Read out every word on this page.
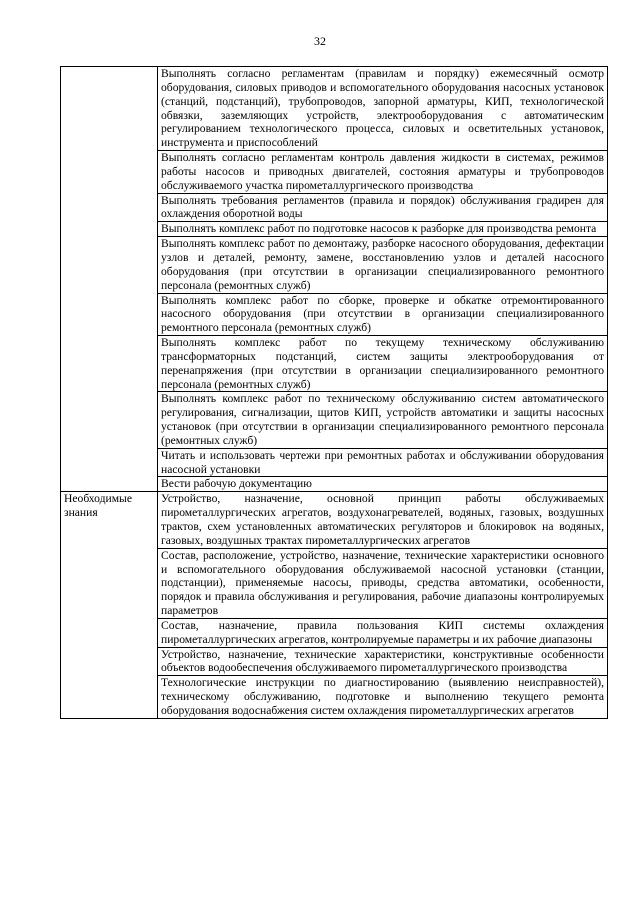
32
	Выполнять согласно регламентам (правилам и порядку) ежемесячный осмотр оборудования, силовых приводов и вспомогательного оборудования насосных установок (станций, подстанций), трубопроводов, запорной арматуры, КИП, технологической обвязки, заземляющих устройств, электрооборудования с автоматическим регулированием технологического процесса, силовых и осветительных установок, инструмента и приспособлений
	Выполнять согласно регламентам контроль давления жидкости в системах, режимов работы насосов и приводных двигателей, состояния арматуры и трубопроводов обслуживаемого участка пирометаллургического производства
	Выполнять требования регламентов (правила и порядок) обслуживания градирен для охлаждения оборотной воды
	Выполнять комплекс работ по подготовке насосов к разборке для производства ремонта
	Выполнять комплекс работ по демонтажу, разборке насосного оборудования, дефектации узлов и деталей, ремонту, замене, восстановлению узлов и деталей насосного оборудования (при отсутствии в организации специализированного ремонтного персонала (ремонтных служб)
	Выполнять комплекс работ по сборке, проверке и обкатке отремонтированного насосного оборудования (при отсутствии в организации специализированного ремонтного персонала (ремонтных служб)
	Выполнять комплекс работ по текущему техническому обслуживанию трансформаторных подстанций, систем защиты электрооборудования от перенапряжения (при отсутствии в организации специализированного ремонтного персонала (ремонтных служб)
	Выполнять комплекс работ по техническому обслуживанию систем автоматического регулирования, сигнализации, щитов КИП, устройств автоматики и защиты насосных установок (при отсутствии в организации специализированного ремонтного персонала (ремонтных служб)
	Читать и использовать чертежи при ремонтных работах и обслуживании оборудования насосной установки
	Вести рабочую документацию
Необходимые знания	Устройство, назначение, основной принцип работы обслуживаемых пирометаллургических агрегатов, воздухонагревателей, водяных, газовых, воздушных трактов, схем установленных автоматических регуляторов и блокировок на водяных, газовых, воздушных трактах пирометаллургических агрегатов
	Состав, расположение, устройство, назначение, технические характеристики основного и вспомогательного оборудования обслуживаемой насосной установки (станции, подстанции), применяемые насосы, приводы, средства автоматики, особенности, порядок и правила обслуживания и регулирования, рабочие диапазоны контролируемых параметров
	Состав, назначение, правила пользования КИП системы охлаждения пирометаллургических агрегатов, контролируемые параметры и их рабочие диапазоны
	Устройство, назначение, технические характеристики, конструктивные особенности объектов водообеспечения обслуживаемого пирометаллургического производства
	Технологические инструкции по диагностированию (выявлению неисправностей), техническому обслуживанию, подготовке и выполнению текущего ремонта оборудования водоснабжения систем охлаждения пирометаллургических агрегатов
